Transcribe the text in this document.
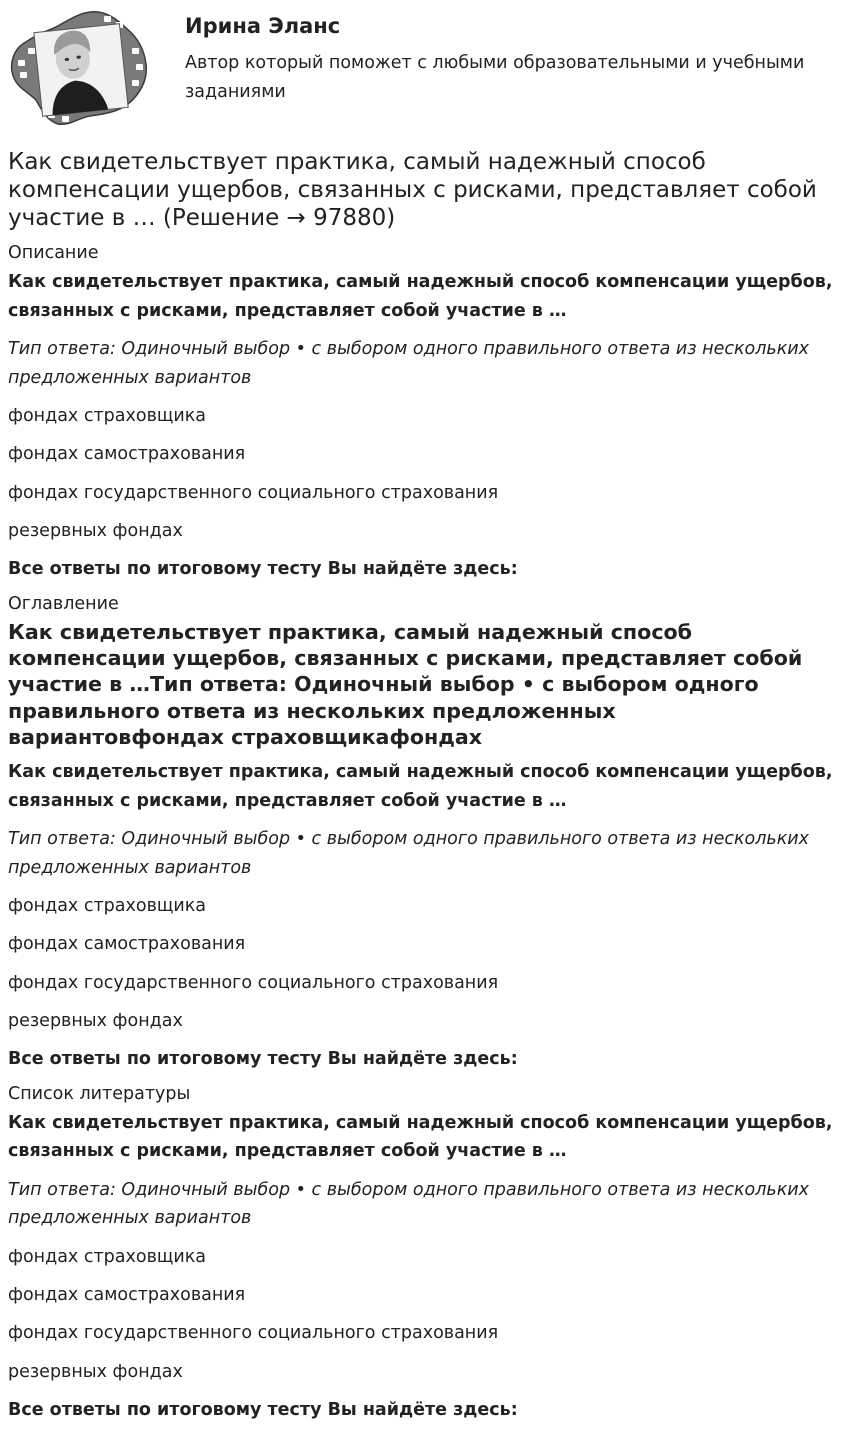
Ирина Эланс
Автор который поможет с любыми образовательными и учебными заданиями
Как свидетельствует практика, самый надежный способ компенсации ущербов, связанных с рисками, представляет собой участие в … (Решение → 97880)
Описание
Как свидетельствует практика, самый надежный способ компенсации ущербов, связанных с рисками, представляет собой участие в …
Тип ответа: Одиночный выбор • с выбором одного правильного ответа из нескольких предложенных вариантов
фондах страховщика
фондах самострахования
фондах государственного социального страхования
резервных фондах
Все ответы по итоговому тесту Вы найдёте здесь:
Оглавление
Как свидетельствует практика, самый надежный способ компенсации ущербов, связанных с рисками, представляет собой участие в …Тип ответа: Одиночный выбор • с выбором одного правильного ответа из нескольких предложенных вариантовфондах страховщикафондах
Как свидетельствует практика, самый надежный способ компенсации ущербов, связанных с рисками, представляет собой участие в …
Тип ответа: Одиночный выбор • с выбором одного правильного ответа из нескольких предложенных вариантов
фондах страховщика
фондах самострахования
фондах государственного социального страхования
резервных фондах
Все ответы по итоговому тесту Вы найдёте здесь:
Список литературы
Как свидетельствует практика, самый надежный способ компенсации ущербов, связанных с рисками, представляет собой участие в …
Тип ответа: Одиночный выбор • с выбором одного правильного ответа из нескольких предложенных вариантов
фондах страховщика
фондах самострахования
фондах государственного социального страхования
резервных фондах
Все ответы по итоговому тесту Вы найдёте здесь:
